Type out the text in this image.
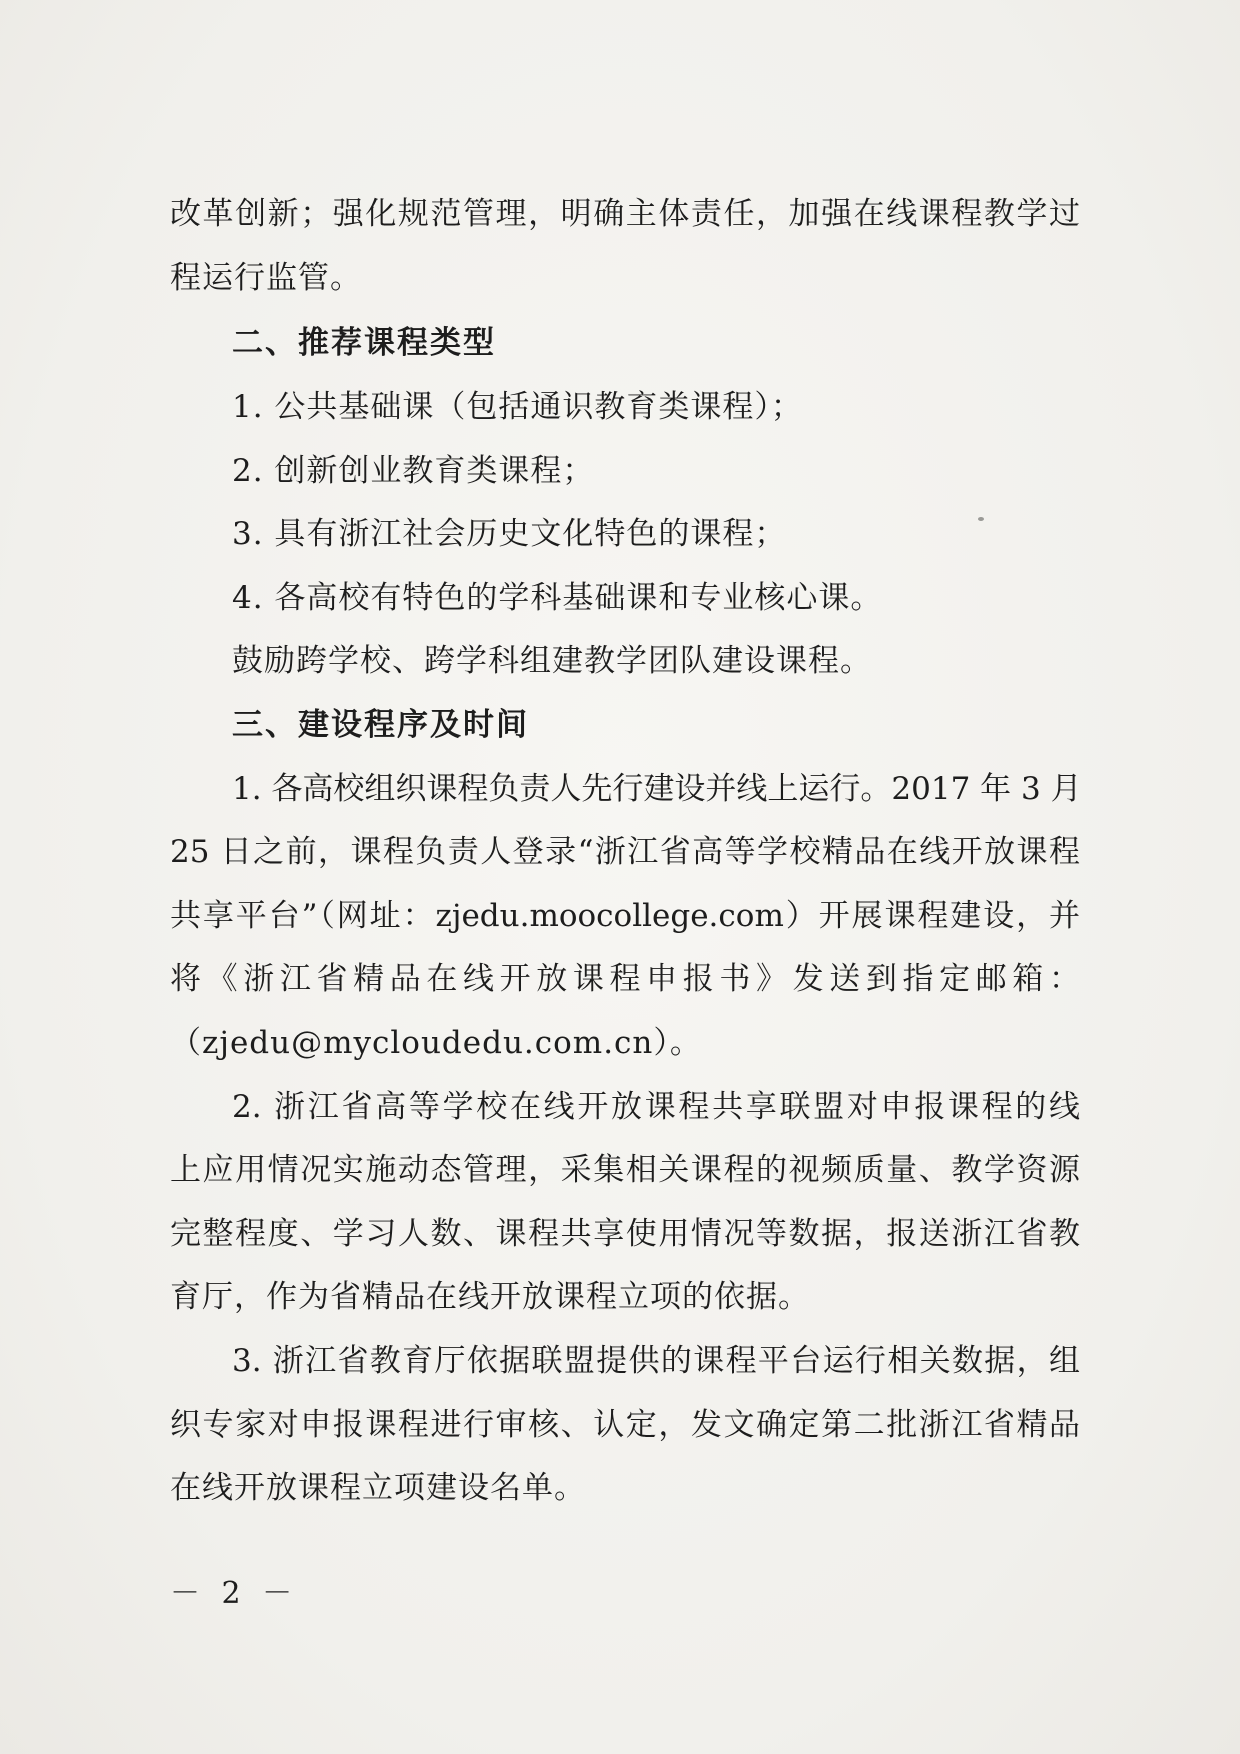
改革创新；强化规范管理，明确主体责任，加强在线课程教学过
程运行监管。
二、推荐课程类型
1. 公共基础课（包括通识教育类课程）；
2. 创新创业教育类课程；
3. 具有浙江社会历史文化特色的课程；
4. 各高校有特色的学科基础课和专业核心课。
鼓励跨学校、跨学科组建教学团队建设课程。
三、建设程序及时间
1. 各高校组织课程负责人先行建设并线上运行。2017 年 3 月
25 日之前，课程负责人登录“浙江省高等学校精品在线开放课程
共享平台”（网址：zjedu.moocollege.com）开展课程建设，并
将《浙江省精品在线开放课程申报书》发送到指定邮箱：
（zjedu@mycloudedu.com.cn）。
2. 浙江省高等学校在线开放课程共享联盟对申报课程的线
上应用情况实施动态管理，采集相关课程的视频质量、教学资源
完整程度、学习人数、课程共享使用情况等数据，报送浙江省教
育厅，作为省精品在线开放课程立项的依据。
3. 浙江省教育厅依据联盟提供的课程平台运行相关数据，组
织专家对申报课程进行审核、认定，发文确定第二批浙江省精品
在线开放课程立项建设名单。
－ 2 －
